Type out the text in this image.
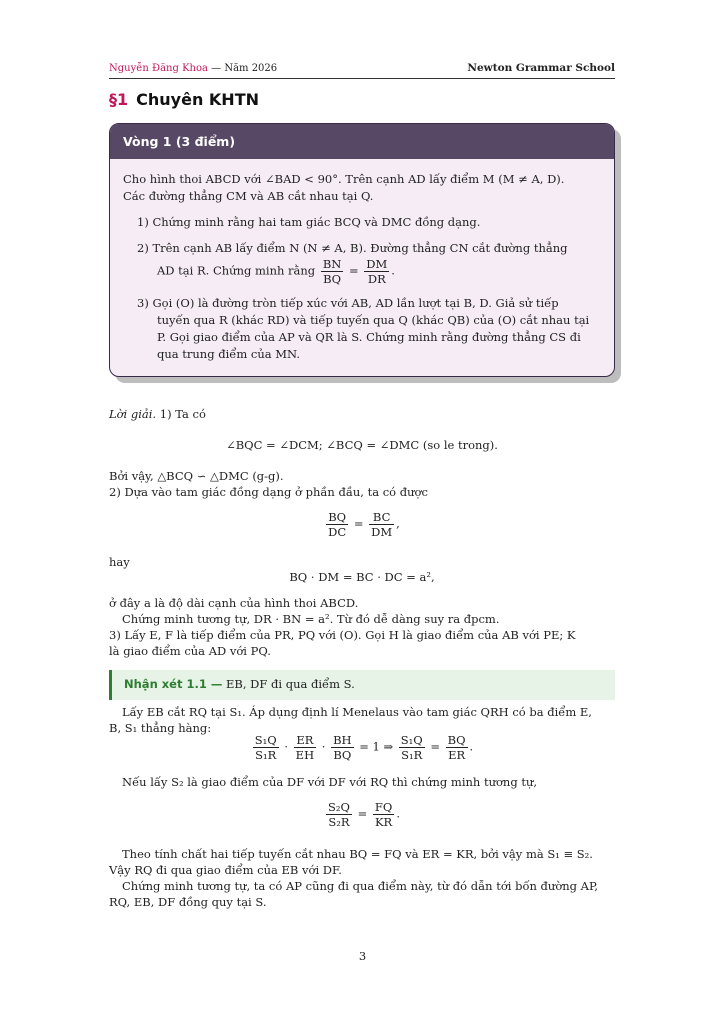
Nguyễn Đăng Khoa — Năm 2026	Newton Grammar School
§1 Chuyên KHTN
Vòng 1 (3 điểm)
Cho hình thoi ABCD với ∠BAD < 90°. Trên cạnh AD lấy điểm M (M ≠ A, D).
Các đường thẳng CM và AB cắt nhau tại Q.
1) Chứng minh rằng hai tam giác BCQ và DMC đồng dạng.
2) Trên cạnh AB lấy điểm N (N ≠ A, B). Đường thẳng CN cắt đường thẳng
AD tại R. Chứng minh rằng $\frac{BN}{BQ} = \frac{DM}{DR}$ .
3) Gọi (O) là đường tròn tiếp xúc với AB, AD lần lượt tại B, D. Giả sử tiếp
tuyến qua R (khác RD) và tiếp tuyến qua Q (khác QB) của (O) cắt nhau tại
P. Gọi giao điểm của AP và QR là S. Chứng minh rằng đường thẳng CS đi
qua trung điểm của MN.
Lời giải. 1) Ta có
∠BQC = ∠DCM; ∠BCQ = ∠DMC (so le trong).
Bởi vậy, △BCQ ∽ △DMC (g-g).
2) Dựa vào tam giác đồng dạng ở phần đầu, ta có được
$\frac{BQ}{DC} = \frac{BC}{DM}$ ,
hay
BQ · DM = BC · DC = a²,
ở đây a là độ dài cạnh của hình thoi ABCD.
Chứng minh tương tự, DR · BN = a². Từ đó dễ dàng suy ra đpcm.
3) Lấy E, F là tiếp điểm của PR, PQ với (O). Gọi H là giao điểm của AB với PE; K
là giao điểm của AD với PQ.
Nhận xét 1.1 — EB, DF đi qua điểm S.
Lấy EB cắt RQ tại S₁. Áp dụng định lí Menelaus vào tam giác QRH có ba điểm E,
B, S₁ thẳng hàng:
$\frac{\text{S₁Q}}{\text{S₁R}} \cdot \frac{ER}{EH} \cdot \frac{BH}{BQ} = 1$ ⇒ $\frac{\text{S₁Q}}{\text{S₁R}} = \frac{BQ}{ER}$ .
Nếu lấy S₂ là giao điểm của DF với DF với RQ thì chứng minh tương tự,
$\frac{\text{S₂Q}}{\text{S₂R}} = \frac{FQ}{KR}$ .
Theo tính chất hai tiếp tuyến cắt nhau BQ = FQ và ER = KR, bởi vậy mà S₁ ≡ S₂.
Vậy RQ đi qua giao điểm của EB với DF.
Chứng minh tương tự, ta có AP cũng đi qua điểm này, từ đó dẫn tới bốn đường AP,
RQ, EB, DF đồng quy tại S.
3
